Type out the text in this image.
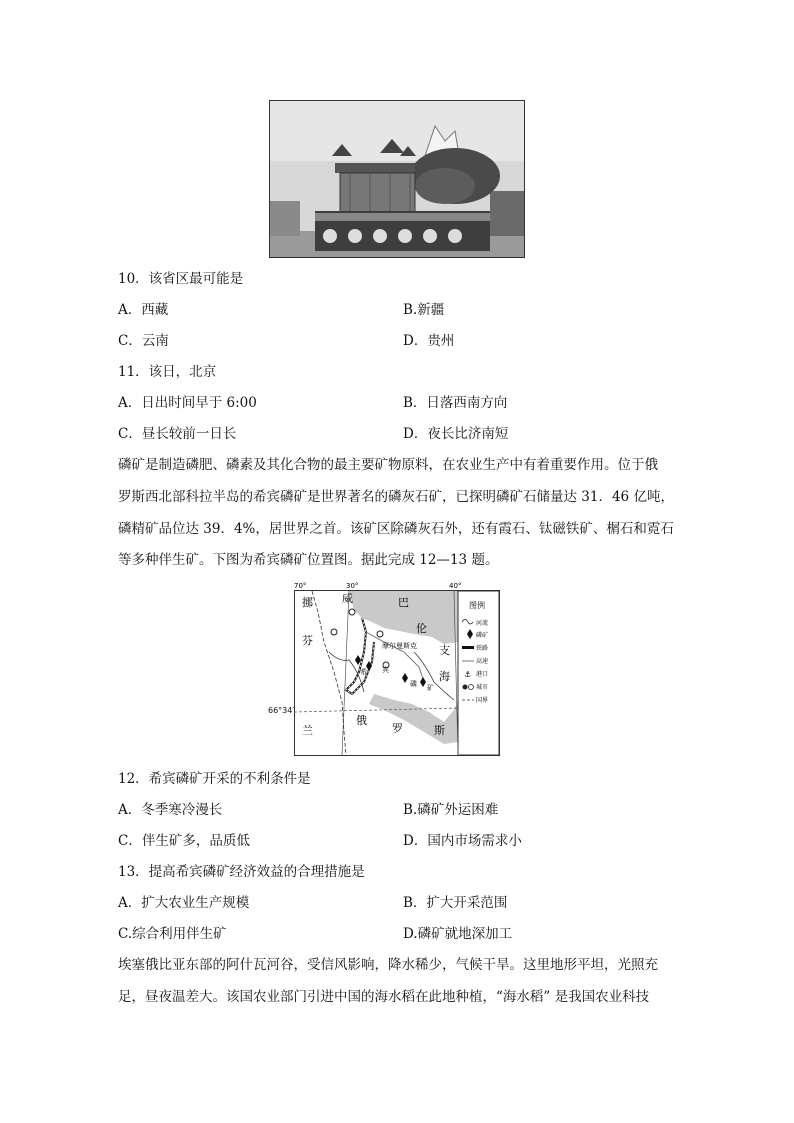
10．该省区最可能是
A．西藏	B.新疆
C．云南	D．贵州
11．该日，北京
A．日出时间早于 6:00	B．日落西南方向
C．昼长较前一日长	D．夜长比济南短
磷矿是制造磷肥、磷素及其化合物的最主要矿物原料，在农业生产中有着重要作用。位于俄
罗斯西北部科拉半岛的希宾磷矿是世界著名的磷灰石矿，已探明磷矿石储量达 31．46 亿吨，
磷精矿品位达 39．4%，居世界之首。该矿区除磷灰石外，还有霞石、钛磁铁矿、榍石和霓石
等多种伴生矿。下图为希宾磷矿位置图。据此完成 12—13 题。
70°	30°	40°
挪	威	巴
芬
伦
支
海
兰
俄
罗	斯
摩尔曼斯克
希 宾
磷 矿
图例
河流
磷矿
铁路
高速
⚓ 港口
城市
国界
66°34′
12．希宾磷矿开采的不利条件是
A．冬季寒冷漫长	B.磷矿外运困难
C．伴生矿多，品质低	D．国内市场需求小
13．提高希宾磷矿经济效益的合理措施是
A．扩大农业生产规模	B．扩大开采范围
C.综合利用伴生矿	D.磷矿就地深加工
埃塞俄比亚东部的阿什瓦河谷，受信风影响，降水稀少，气候干旱。这里地形平坦，光照充
足，昼夜温差大。该国农业部门引进中国的海水稻在此地种植，“海水稻” 是我国农业科技
